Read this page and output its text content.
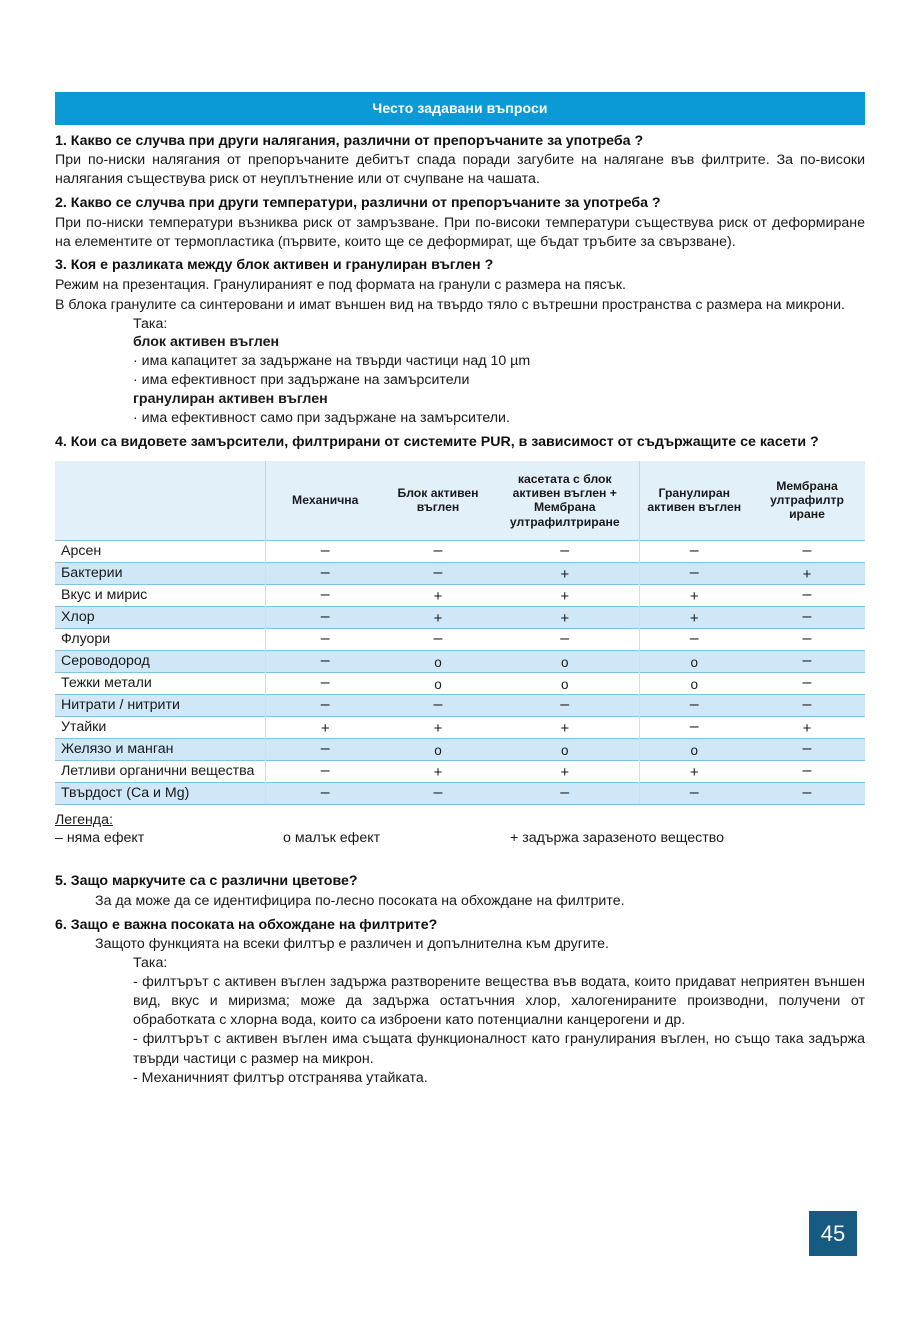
Често задавани въпроси
1. Какво се случва при други налягания, различни от препоръчаните за употреба ?
При по-ниски налягания от препоръчаните дебитът спада поради загубите на налягане във филтрите. За по-високи налягания съществува риск от неуплътнение или от счупване на чашата.
2. Какво се случва при други температури, различни от препоръчаните за употреба ?
При по-ниски температури възниква риск от замръзване. При по-високи температури съществува риск от деформиране на елементите от термопластика (първите, които ще се деформират, ще бъдат тръбите за свързване).
3. Коя е разликата между блок активен и гранулиран въглен ?
Режим на презентация. Гранулираният е под формата на гранули с размера на пясък.
В блока гранулите са синтеровани и имат външен вид на твърдо тяло с вътрешни пространства с размера на микрони.
Така:
блок активен въглен
· има капацитет за задържане на твърди частици над 10 µm
· има ефективност при задържане на замърсители
гранулиран активен въглен
· има ефективност само при задържане на замърсители.
4. Кои са видовете замърсители, филтрирани от системите PUR, в зависимост от съдържащите се касети ?
	Механична	Блок активен въглен	касетата с блок активен въглен + Мембрана ултрафилтриране	Гранулиран активен въглен	Мембрана ултрафилтр иране
Арсен	–	–	–	–	–
Бактерии	–	–	+	–	+
Вкус и мирис	–	+	+	+	–
Хлор	–	+	+	+	–
Флуори	–	–	–	–	–
Сероводород	–	o	o	o	–
Тежки метали	–	o	o	o	–
Нитрати / нитрити	–	–	–	–	–
Утайки	+	+	+	–	+
Желязо и манган	–	o	o	o	–
Летливи органични вещества	–	+	+	+	–
Твърдост (Ca и Mg)	–	–	–	–	–
Легенда:
– няма ефект	o малък ефект	+ задържа заразеното вещество
5. Защо маркучите са с различни цветове?
За да може да се идентифицира по-лесно посоката на обхождане на филтрите.
6. Защо е важна посоката на обхождане на филтрите?
Защото функцията на всеки филтър е различен и допълнителна към другите.
Така:
- филтърът с активен въглен задържа разтворените вещества във водата, които придават неприятен външен вид, вкус и миризма; може да задържа остатъчния хлор, халогенираните производни, получени от обработката с хлорна вода, които са изброени като потенциални канцерогени и др.
- филтърът с активен въглен има същата функционалност като гранулирания въглен, но също така задържа твърди частици с размер на микрон.
- Механичният филтър отстранява утайката.
45
